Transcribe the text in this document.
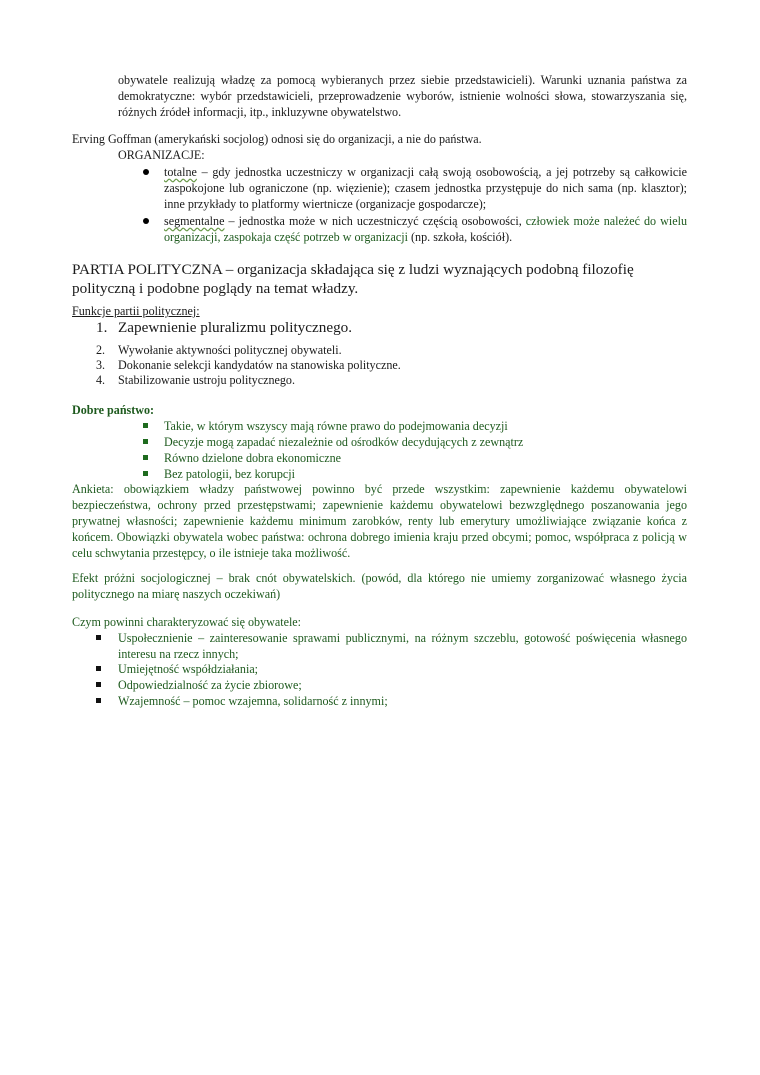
obywatele realizują władzę za pomocą wybieranych przez siebie przedstawicieli). Warunki uznania państwa za demokratyczne: wybór przedstawicieli, przeprowadzenie wyborów, istnienie wolności słowa, stowarzyszania się, różnych źródeł informacji, itp., inkluzywne obywatelstwo.

Erving Goffman (amerykański socjolog) odnosi się do organizacji, a nie do państwa.

ORGANIZACJE:

totalne – gdy jednostka uczestniczy w organizacji całą swoją osobowością, a jej potrzeby są całkowicie zaspokojone lub ograniczone (np. więzienie); czasem jednostka przystępuje do nich sama (np. klasztor); inne przykłady to platformy wiertnicze (organizacje gospodarcze);

segmentalne – jednostka może w nich uczestniczyć częścią osobowości, człowiek może należeć do wielu organizacji, zaspokaja część potrzeb w organizacji (np. szkoła, kościół).

PARTIA POLITYCZNA – organizacja składająca się z ludzi wyznających podobną filozofię polityczną i podobne poglądy na temat władzy.

Funkcje partii politycznej:

1. Zapewnienie pluralizmu politycznego.
2. Wywołanie aktywności politycznej obywateli.
3. Dokonanie selekcji kandydatów na stanowiska polityczne.
4. Stabilizowanie ustroju politycznego.

Dobre państwo:

Takie, w którym wszyscy mają równe prawo do podejmowania decyzji
Decyzje mogą zapadać niezależnie od ośrodków decydujących z zewnątrz
Równo dzielone dobra ekonomiczne
Bez patologii, bez korupcji

Ankieta: obowiązkiem władzy państwowej powinno być przede wszystkim: zapewnienie każdemu obywatelowi bezpieczeństwa, ochrony przed przestępstwami; zapewnienie każdemu obywatelowi bezwzględnego poszanowania jego prywatnej własności; zapewnienie każdemu minimum zarobków, renty lub emerytury umożliwiające związanie końca z końcem. Obowiązki obywatela wobec państwa: ochrona dobrego imienia kraju przed obcymi; pomoc, współpraca z policją w celu schwytania przestępcy, o ile istnieje taka możliwość.

Efekt próżni socjologicznej – brak cnót obywatelskich. (powód, dla którego nie umiemy zorganizować własnego życia politycznego na miarę naszych oczekiwań)

Czym powinni charakteryzować się obywatele:

Uspołecznienie – zainteresowanie sprawami publicznymi, na różnym szczeblu, gotowość poświęcenia własnego interesu na rzecz innych;

Umiejętność współdziałania;
Odpowiedzialność za życie zbiorowe;
Wzajemność – pomoc wzajemna, solidarność z innymi;
